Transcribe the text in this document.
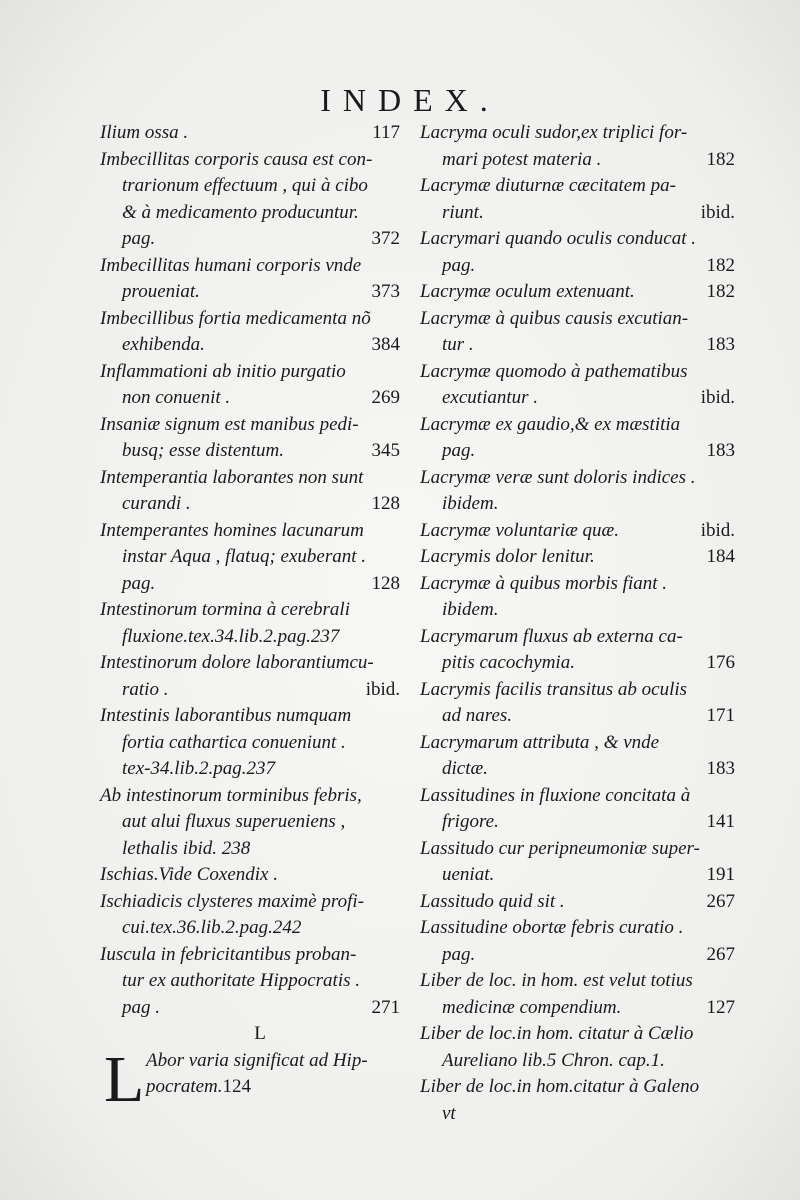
INDEX.
Ilium ossa .	117
Imbecillitas corporis causa est con-
trarionum effectuum , qui à cibo
& à medicamento producuntur.
pag.	372
Imbecillitas humani corporis vnde
proueniat.	373
Imbecillibus fortia medicamenta nõ
exhibenda.	384
Inflammationi ab initio purgatio
non conuenit .	269
Insaniæ signum est manibus pedi-
busq; esse distentum.	345
Intemperantia laborantes non sunt
curandi .	128
Intemperantes homines lacunarum
instar Aqua , flatuq; exuberant .
pag.	128
Intestinorum tormina à cerebrali
fluxione.tex.34.lib.2.pag.237
Intestinorum dolore laborantiumcu-
ratio .	ibid.
Intestinis laborantibus numquam
fortia cathartica conueniunt .
tex-34.lib.2.pag.237
Ab intestinorum torminibus febris,
aut alui fluxus superueniens ,
lethalis ibid. 238
Ischias.Vide Coxendix .
Ischiadicis clysteres maximè profi-
cui.tex.36.lib.2.pag.242
Iuscula in febricitantibus proban-
tur ex authoritate Hippocratis .
pag .	271
L
L Abor varia significat ad Hip-
pocratem.124
Lacryma oculi sudor,ex triplici for-
mari potest materia .	182
Lacrymæ diuturnæ cæcitatem pa-
riunt.	ibid.
Lacrymari quando oculis conducat .
pag.	182
Lacrymæ oculum extenuant.	182
Lacrymæ à quibus causis excutian-
tur .	183
Lacrymæ quomodo à pathematibus
excutiantur .	ibid.
Lacrymæ ex gaudio,& ex mæstitia
pag.	183
Lacrymæ veræ sunt doloris indices .
ibidem.
Lacrymæ voluntariæ quæ.	ibid.
Lacrymis dolor lenitur.	184
Lacrymæ à quibus morbis fiant .
ibidem.
Lacrymarum fluxus ab externa ca-
pitis cacochymia.	176
Lacrymis facilis transitus ab oculis
ad nares.	171
Lacrymarum attributa , & vnde
dictæ.	183
Lassitudines in fluxione concitata à
frigore.	141
Lassitudo cur peripneumoniæ super-
ueniat.	191
Lassitudo quid sit .	267
Lassitudine obortæ febris curatio .
pag.	267
Liber de loc. in hom. est velut totius
medicinæ compendium.	127
Liber de loc.in hom. citatur à Cælio
Aureliano lib.5 Chron. cap.1.
Liber de loc.in hom.citatur à Galeno
vt
